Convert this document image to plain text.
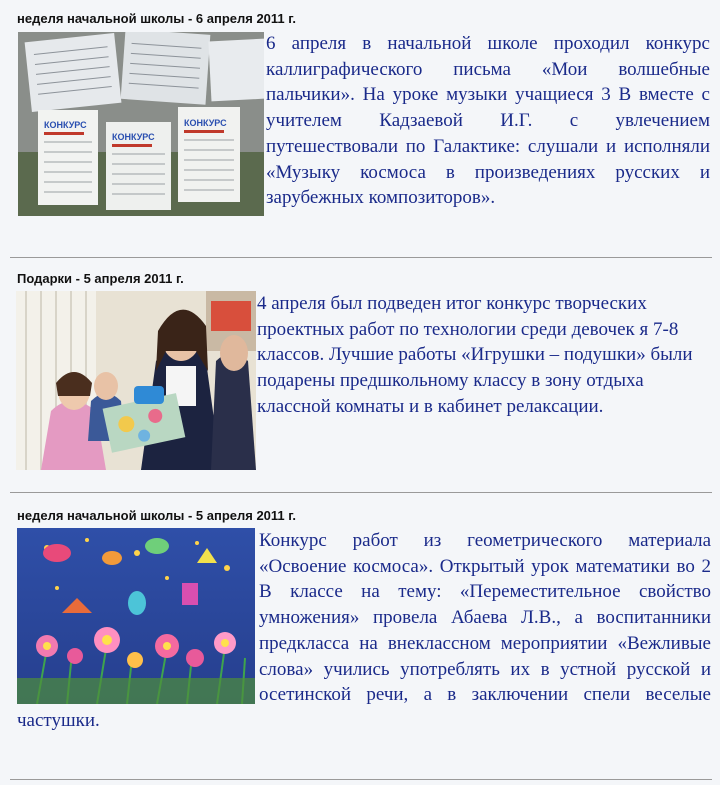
неделя начальной школы - 6 апреля 2011 г.
КОНКУРС
КОНКУРС
КОНКУРС

6 апреля в начальной школе проходил конкурс каллиграфического письма «Мои волшебные пальчики». На уроке музыки учащиеся 3 В вместе с учителем Кадзаевой И.Г. с увлечением путешествовали по Галактике: слушали и исполняли «Музыку космоса в произведениях русских и зарубежных композиторов».

Подарки - 5 апреля 2011 г.

4 апреля был подведен итог конкурс творческих проектных работ по технологии среди девочек я 7-8 классов. Лучшие работы «Игрушки – подушки» были подарены предшкольному классу в зону отдыха классной комнаты и в кабинет релаксации.

неделя начальной школы - 5 апреля 2011 г.

Конкурс работ из геометрического материала «Освоение космоса». Открытый урок математики во 2 В классе на тему: «Переместительное свойство умножения» провела Абаева Л.В., а воспитанники предкласса на внеклассном мероприятии «Вежливые слова» учились употреблять их в устной русской и осетинской речи, а в заключении спели веселые частушки.
